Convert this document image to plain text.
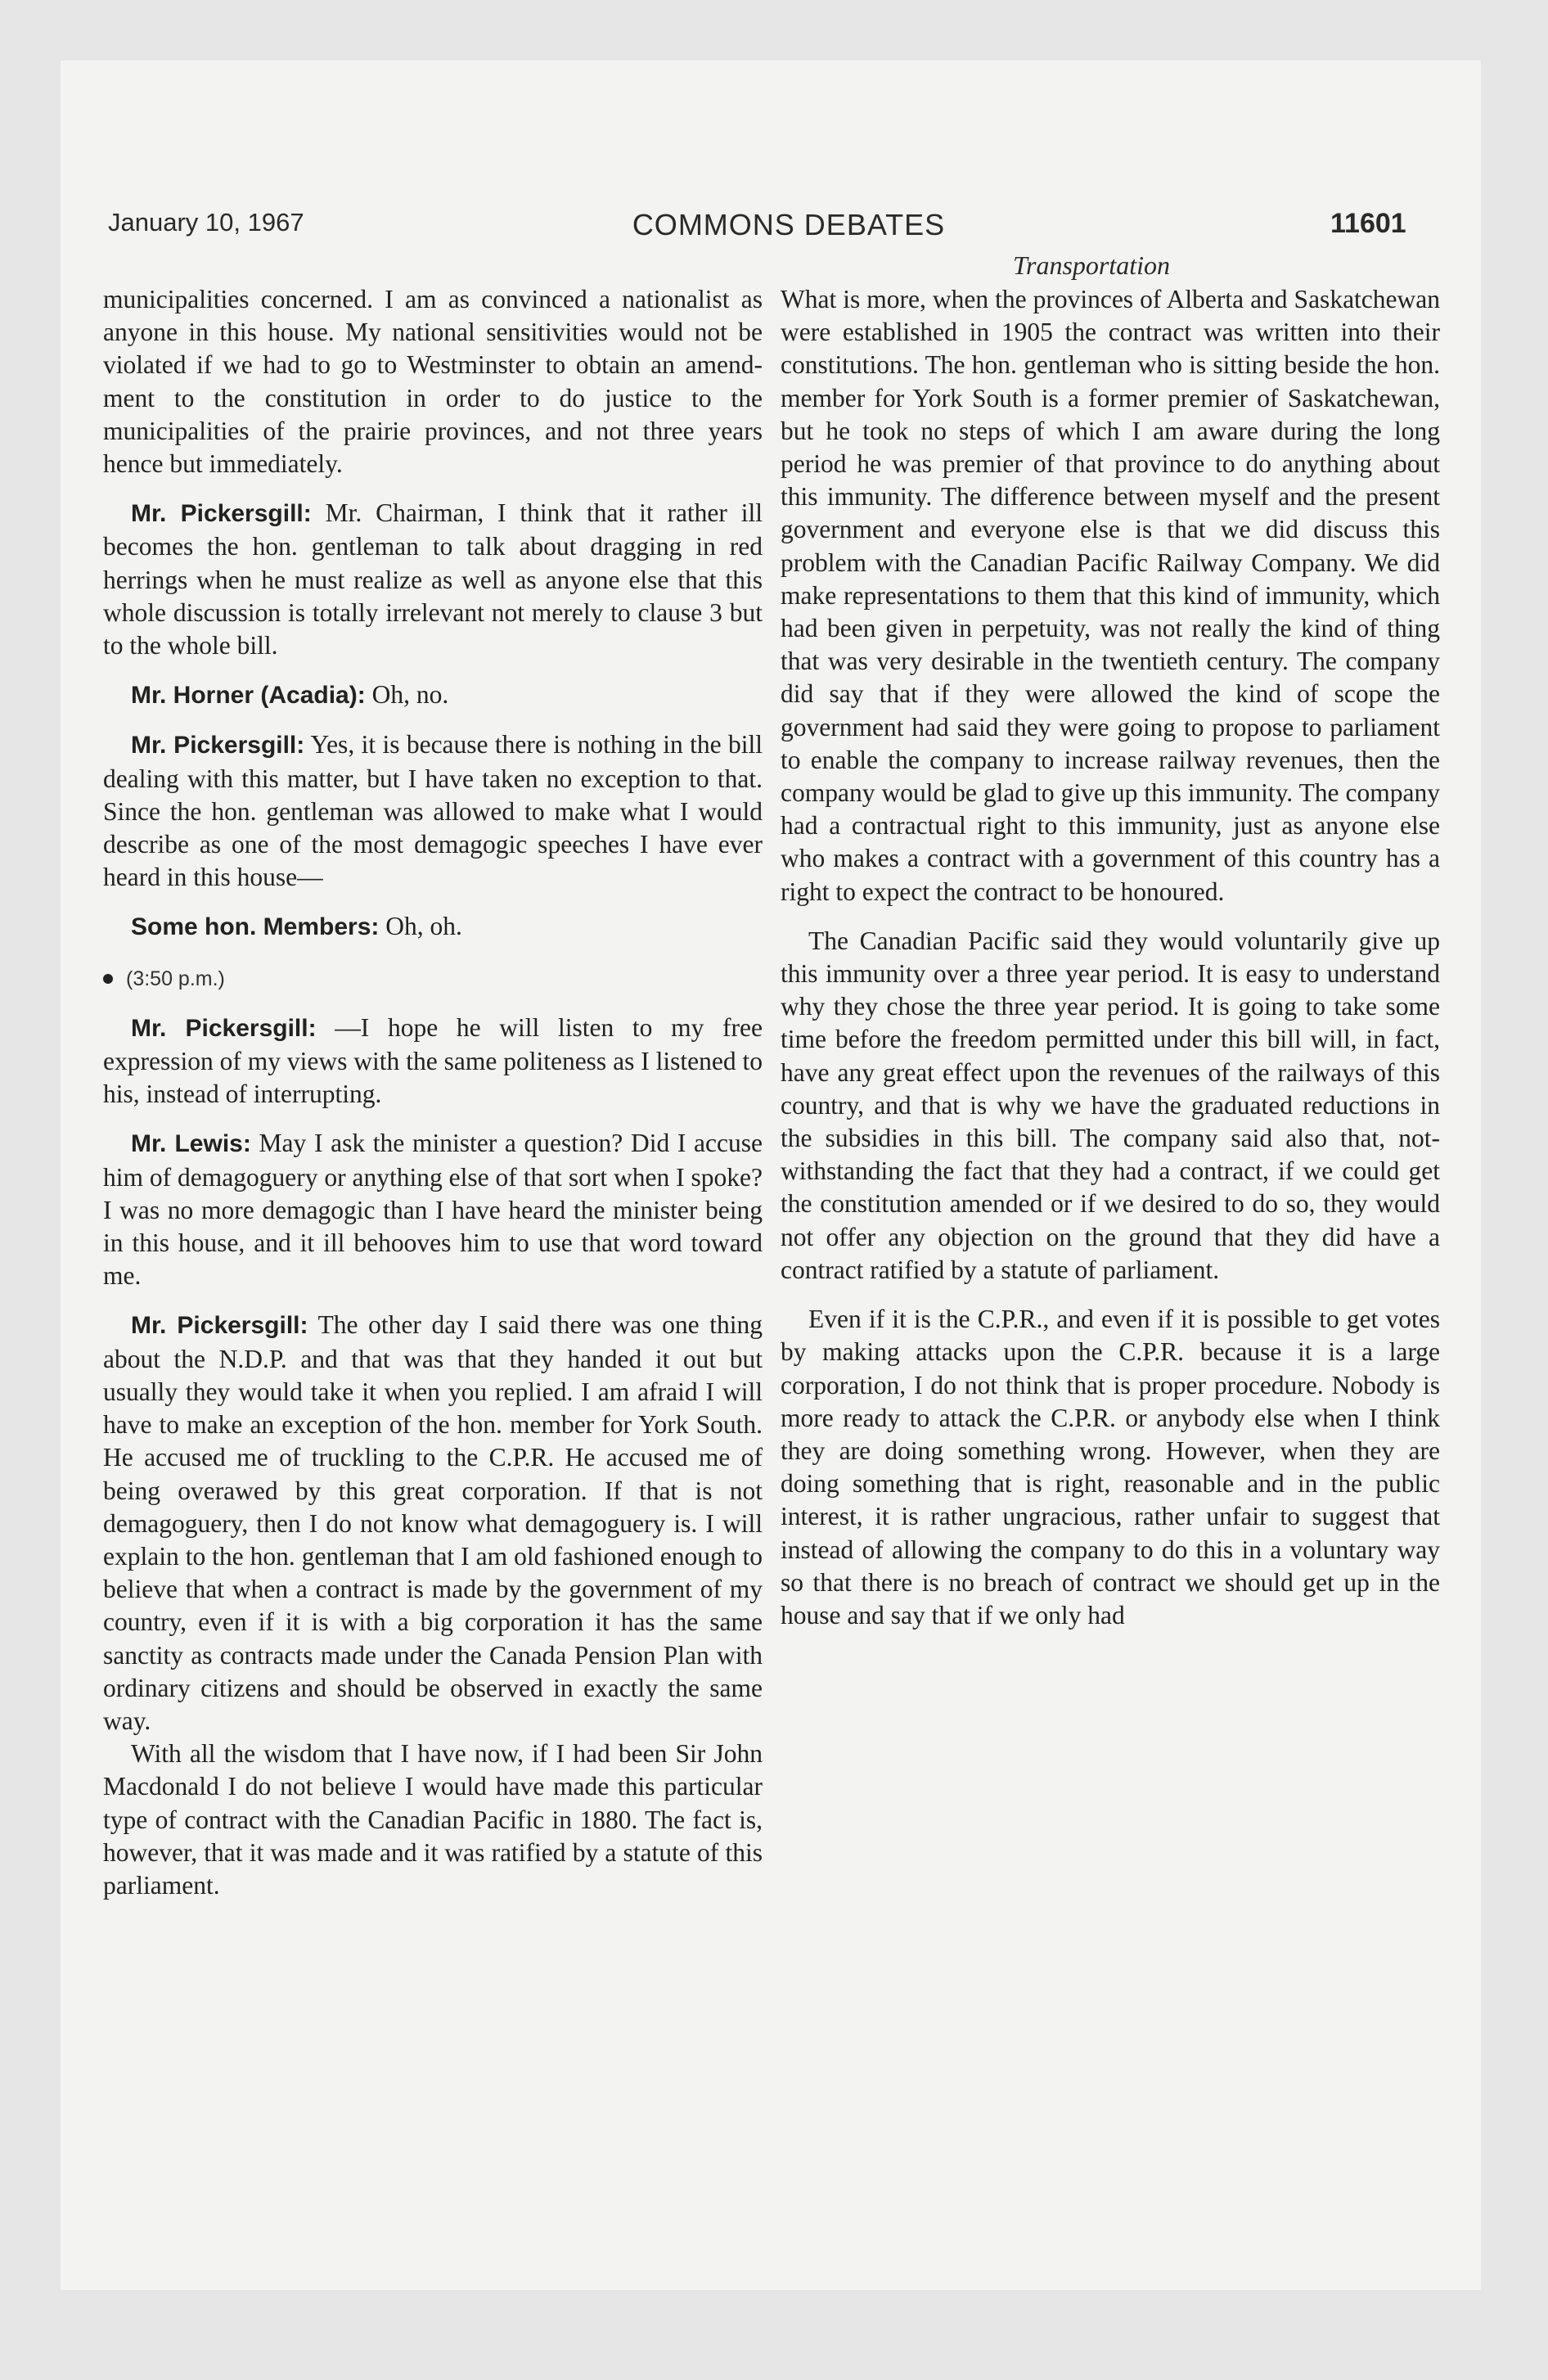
January 10, 1967	COMMONS DEBATES	11601
Transportation

municipalities concerned. I am as convinced a nationalist as anyone in this house. My national sensitivities would not be violated if we had to go to Westminster to obtain an amendment to the constitution in order to do justice to the municipalities of the prairie provinces, and not three years hence but immediately.

Mr. Pickersgill: Mr. Chairman, I think that it rather ill becomes the hon. gentleman to talk about dragging in red herrings when he must realize as well as anyone else that this whole discussion is totally irrelevant not merely to clause 3 but to the whole bill.

Mr. Horner (Acadia): Oh, no.

Mr. Pickersgill: Yes, it is because there is nothing in the bill dealing with this matter, but I have taken no exception to that. Since the hon. gentleman was allowed to make what I would describe as one of the most demagogic speeches I have ever heard in this house—

Some hon. Members: Oh, oh.

(3:50 p.m.)

Mr. Pickersgill: —I hope he will listen to my free expression of my views with the same politeness as I listened to his, instead of interrupting.

Mr. Lewis: May I ask the minister a question? Did I accuse him of demagoguery or anything else of that sort when I spoke? I was no more demagogic than I have heard the minister being in this house, and it ill behooves him to use that word toward me.

Mr. Pickersgill: The other day I said there was one thing about the N.D.P. and that was that they handed it out but usually they would take it when you replied. I am afraid I will have to make an exception of the hon. member for York South. He accused me of truckling to the C.P.R. He accused me of being overawed by this great corporation. If that is not demagoguery, then I do not know what demagoguery is. I will explain to the hon. gentleman that I am old fashioned enough to believe that when a contract is made by the government of my country, even if it is with a big corporation it has the same sanctity as contracts made under the Canada Pension Plan with ordinary citizens and should be observed in exactly the same way.

With all the wisdom that I have now, if I had been Sir John Macdonald I do not believe I would have made this particular type of contract with the Canadian Pacific in 1880. The fact is, however, that it was made and it was ratified by a statute of this parliament.

What is more, when the provinces of Alberta and Saskatchewan were established in 1905 the contract was written into their constitutions. The hon. gentleman who is sitting beside the hon. member for York South is a former premier of Saskatchewan, but he took no steps of which I am aware during the long period he was premier of that province to do anything about this immunity. The difference between myself and the present government and everyone else is that we did discuss this problem with the Canadian Pacific Railway Company. We did make representations to them that this kind of immunity, which had been given in perpetuity, was not really the kind of thing that was very desirable in the twentieth century. The company did say that if they were allowed the kind of scope the government had said they were going to propose to parliament to enable the company to increase railway revenues, then the company would be glad to give up this immunity. The company had a contractual right to this immunity, just as anyone else who makes a contract with a government of this country has a right to expect the contract to be honoured.

The Canadian Pacific said they would voluntarily give up this immunity over a three year period. It is easy to understand why they chose the three year period. It is going to take some time before the freedom permitted under this bill will, in fact, have any great effect upon the revenues of the railways of this country, and that is why we have the graduated reductions in the subsidies in this bill. The company said also that, notwithstanding the fact that they had a contract, if we could get the constitution amended or if we desired to do so, they would not offer any objection on the ground that they did have a contract ratified by a statute of parliament.

Even if it is the C.P.R., and even if it is possible to get votes by making attacks upon the C.P.R. because it is a large corporation, I do not think that is proper procedure. Nobody is more ready to attack the C.P.R. or anybody else when I think they are doing something wrong. However, when they are doing something that is right, reasonable and in the public interest, it is rather ungracious, rather unfair to suggest that instead of allowing the company to do this in a voluntary way so that there is no breach of contract we should get up in the house and say that if we only had
